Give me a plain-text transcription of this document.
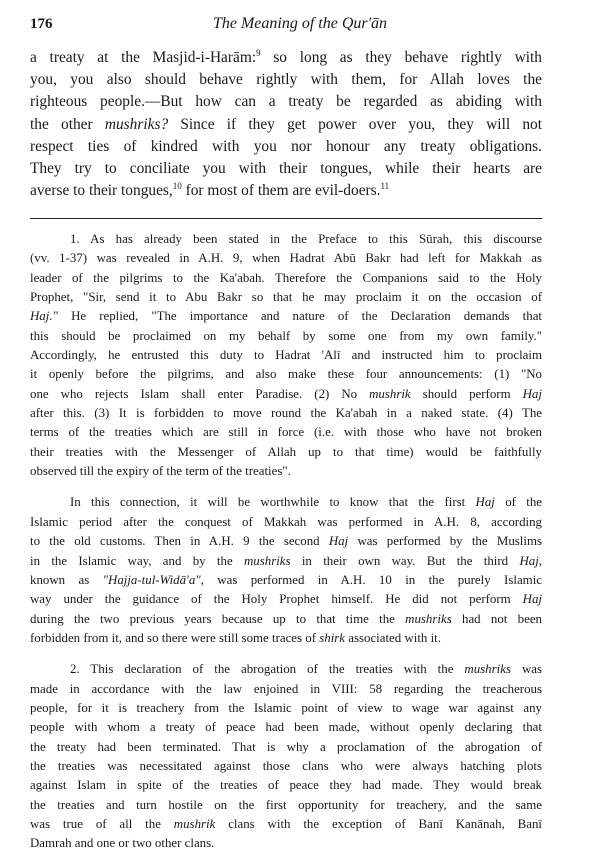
176	The Meaning of the Qur'ān
a treaty at the Masjid-i-Harām:$^9$ so long as they behave rightly with
you, you also should behave rightly with them, for Allah loves the
righteous people.—But how can a treaty be regarded as abiding with
the other mushriks? Since if they get power over you, they will not
respect ties of kindred with you nor honour any treaty obligations.
They try to conciliate you with their tongues, while their hearts are
averse to their tongues,$^{10}$ for most of them are evil-doers.$^{11}$
1. As has already been stated in the Preface to this Sūrah, this discourse
(vv. 1-37) was revealed in A.H. 9, when Hadrat Abū Bakr had left for Makkah as
leader of the pilgrims to the Ka'abah. Therefore the Companions said to the Holy
Prophet, "Sir, send it to Abu Bakr so that he may proclaim it on the occasion of
Haj." He replied, "The importance and nature of the Declaration demands that
this should be proclaimed on my behalf by some one from my own family."
Accordingly, he entrusted this duty to Hadrat 'Alī and instructed him to proclaim
it openly before the pilgrims, and also make these four announcements: (1) "No
one who rejects Islam shall enter Paradise. (2) No mushrik should perform Haj
after this. (3) It is forbidden to move round the Ka'abah in a naked state. (4) The
terms of the treaties which are still in force (i.e. with those who have not broken
their treaties with the Messenger of Allah up to that time) would be faithfully
observed till the expiry of the term of the treaties".
In this connection, it will be worthwhile to know that the first Haj of the
Islamic period after the conquest of Makkah was performed in A.H. 8, according
to the old customs. Then in A.H. 9 the second Haj was performed by the Muslims
in the Islamic way, and by the mushriks in their own way. But the third Haj,
known as "Hajja-tul-Widā'a", was performed in A.H. 10 in the purely Islamic
way under the guidance of the Holy Prophet himself. He did not perform Haj
during the two previous years because up to that time the mushriks had not been
forbidden from it, and so there were still some traces of shirk associated with it.
2. This declaration of the abrogation of the treaties with the mushriks was
made in accordance with the law enjoined in VIII: 58 regarding the treacherous
people, for it is treachery from the Islamic point of view to wage war against any
people with whom a treaty of peace had been made, without openly declaring that
the treaty had been terminated. That is why a proclamation of the abrogation of
the treaties was necessitated against those clans who were always hatching plots
against Islam in spite of the treaties of peace they had made. They would break
the treaties and turn hostile on the first opportunity for treachery, and the same
was true of all the mushrik clans with the exception of Banī Kanānah, Banī
Damrah and one or two other clans.
